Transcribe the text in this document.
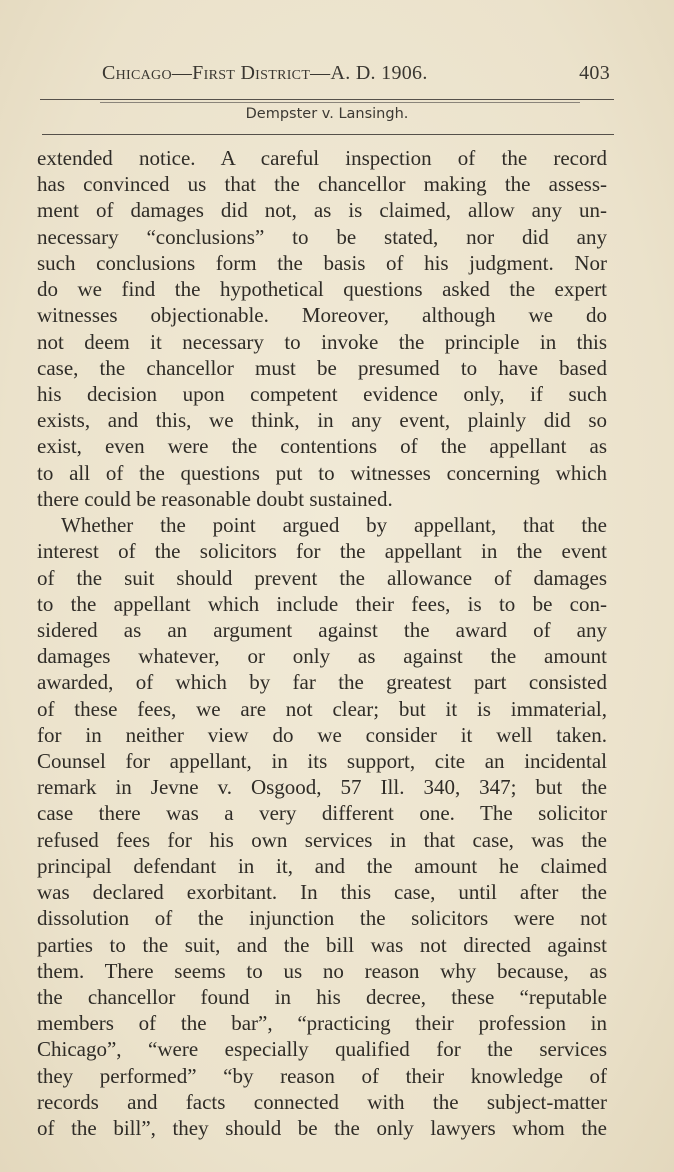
Chicago—First District—A. D. 1906.	403
Dempster v. Lansingh.
extended notice. A careful inspection of the record
has convinced us that the chancellor making the assess-
ment of damages did not, as is claimed, allow any un-
necessary “conclusions” to be stated, nor did any
such conclusions form the basis of his judgment. Nor
do we find the hypothetical questions asked the expert
witnesses objectionable. Moreover, although we do
not deem it necessary to invoke the principle in this
case, the chancellor must be presumed to have based
his decision upon competent evidence only, if such
exists, and this, we think, in any event, plainly did so
exist, even were the contentions of the appellant as
to all of the questions put to witnesses concerning which
there could be reasonable doubt sustained.
Whether the point argued by appellant, that the
interest of the solicitors for the appellant in the event
of the suit should prevent the allowance of damages
to the appellant which include their fees, is to be con-
sidered as an argument against the award of any
damages whatever, or only as against the amount
awarded, of which by far the greatest part consisted
of these fees, we are not clear; but it is immaterial,
for in neither view do we consider it well taken.
Counsel for appellant, in its support, cite an incidental
remark in Jevne v. Osgood, 57 Ill. 340, 347; but the
case there was a very different one. The solicitor
refused fees for his own services in that case, was the
principal defendant in it, and the amount he claimed
was declared exorbitant. In this case, until after the
dissolution of the injunction the solicitors were not
parties to the suit, and the bill was not directed against
them. There seems to us no reason why because, as
the chancellor found in his decree, these “reputable
members of the bar”, “practicing their profession in
Chicago”, “were especially qualified for the services
they performed” “by reason of their knowledge of
records and facts connected with the subject-matter
of the bill”, they should be the only lawyers whom the
